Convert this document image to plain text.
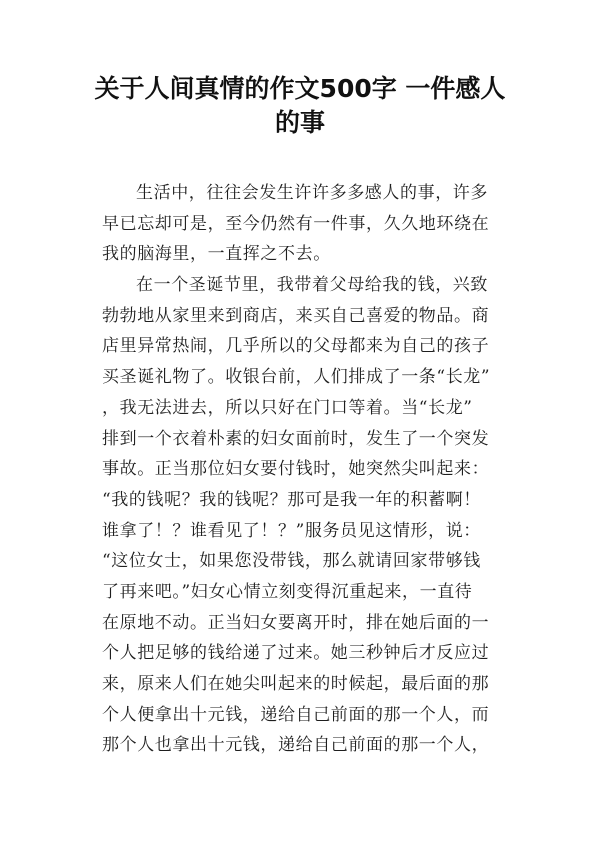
关于人间真情的作文500字 一件感人
的事

生活中，往往会发生许许多多感人的事，许多
早已忘却可是，至今仍然有一件事，久久地环绕在
我的脑海里，一直挥之不去。

在一个圣诞节里，我带着父母给我的钱，兴致
勃勃地从家里来到商店，来买自己喜爱的物品。商
店里异常热闹，几乎所以的父母都来为自己的孩子
买圣诞礼物了。收银台前，人们排成了一条“长龙”
，我无法进去，所以只好在门口等着。当“长龙”
排到一个衣着朴素的妇女面前时，发生了一个突发
事故。正当那位妇女要付钱时，她突然尖叫起来：
“我的钱呢？我的钱呢？那可是我一年的积蓄啊！
谁拿了！？谁看见了！？”服务员见这情形，说：
“这位女士，如果您没带钱，那么就请回家带够钱
了再来吧。”妇女心情立刻变得沉重起来，一直待
在原地不动。正当妇女要离开时，排在她后面的一
个人把足够的钱给递了过来。她三秒钟后才反应过
来，原来人们在她尖叫起来的时候起，最后面的那
个人便拿出十元钱，递给自己前面的那一个人，而
那个人也拿出十元钱，递给自己前面的那一个人，
